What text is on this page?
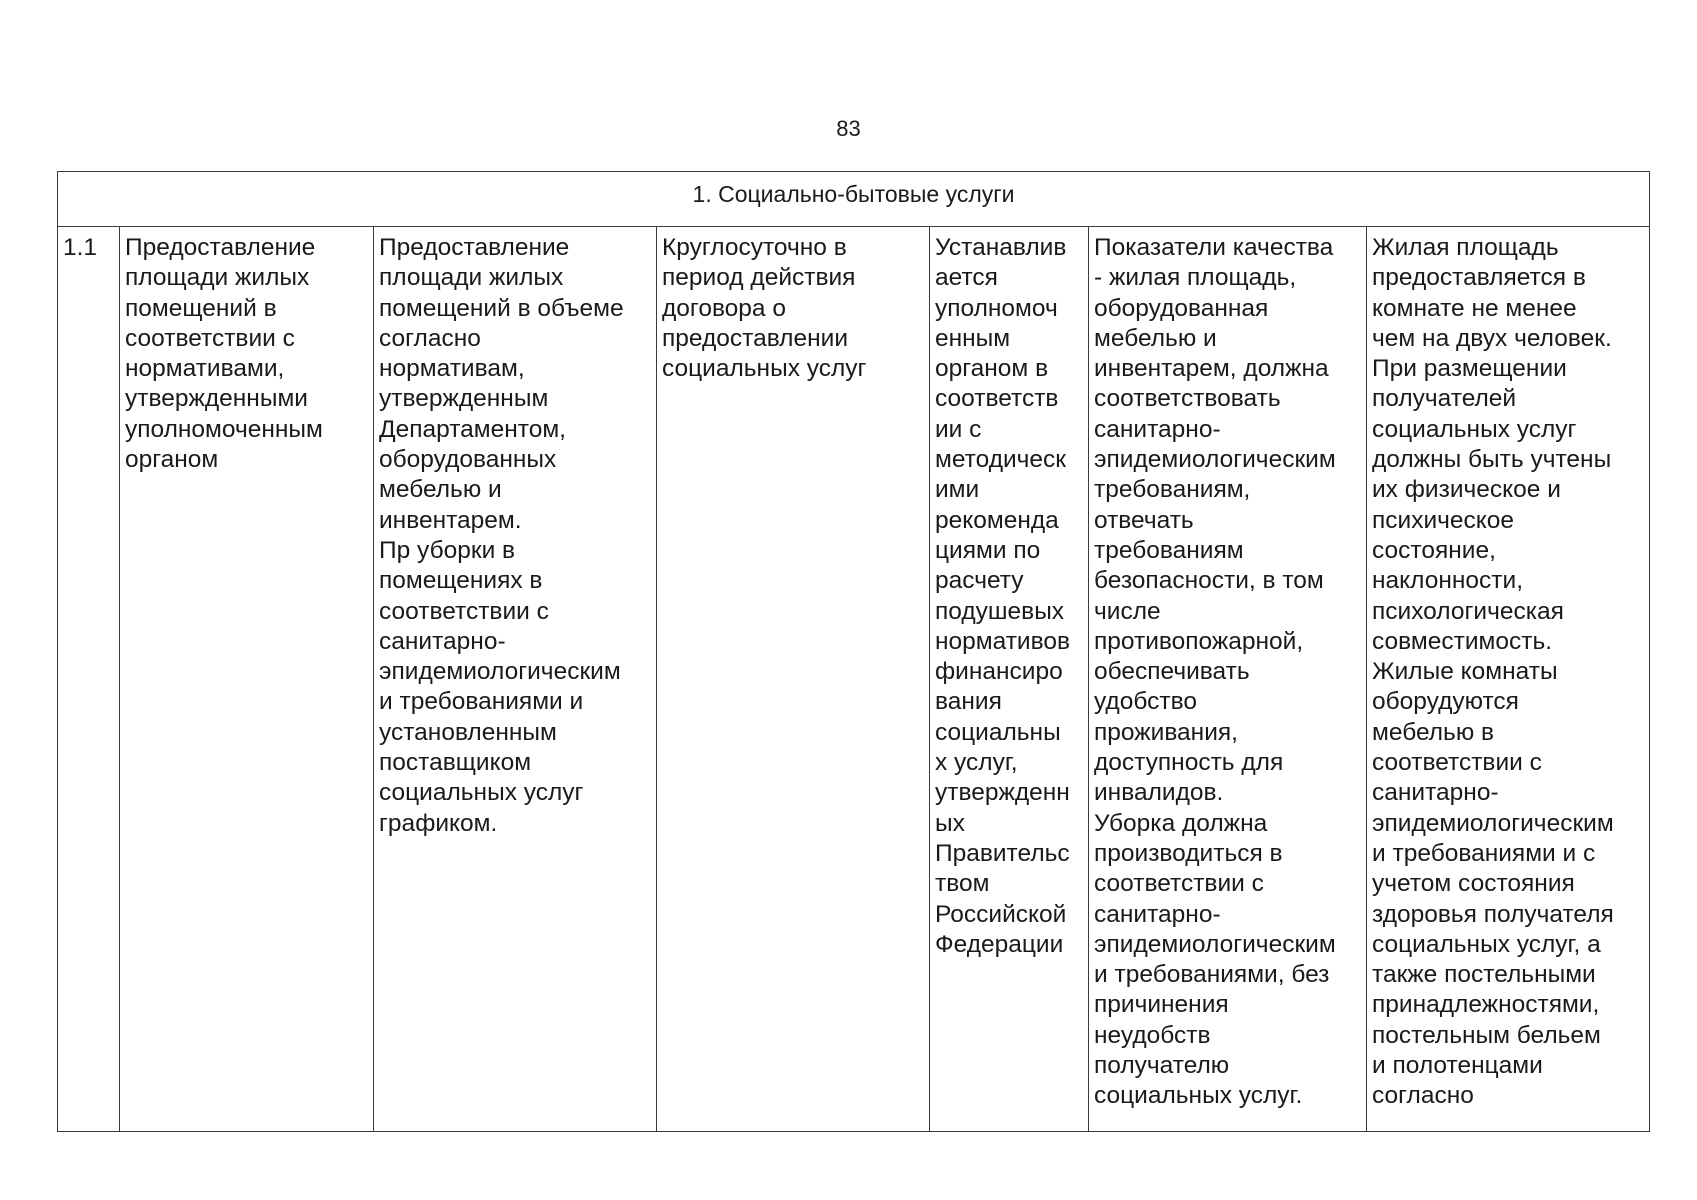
83
1. Социально-бытовые услуги
1.1	Предоставление
площади жилых
помещений в
соответствии с
нормативами,
утвержденными
уполномоченным
органом	Предоставление
площади жилых
помещений в объеме
согласно
нормативам,
утвержденным
Департаментом,
оборудованных
мебелью и
инвентарем.
Пр уборки в
помещениях в
соответствии с
санитарно-
эпидемиологическим
и требованиями и
установленным
поставщиком
социальных услуг
графиком.	Круглосуточно в
период действия
договора о
предоставлении
социальных услуг	Устанавлив
ается
уполномоч
енным
органом в
соответств
ии с
методическ
ими
рекоменда
циями по
расчету
подушевых
нормативов
финансиро
вания
социальны
х услуг,
утвержденн
ых
Правительс
твом
Российской
Федерации	Показатели качества
- жилая площадь,
оборудованная
мебелью и
инвентарем, должна
соответствовать
санитарно-
эпидемиологическим
требованиям,
отвечать
требованиям
безопасности, в том
числе
противопожарной,
обеспечивать
удобство
проживания,
доступность для
инвалидов.
Уборка должна
производиться в
соответствии с
санитарно-
эпидемиологическим
и требованиями, без
причинения
неудобств
получателю
социальных услуг.	Жилая площадь
предоставляется в
комнате не менее
чем на двух человек.
При размещении
получателей
социальных услуг
должны быть учтены
их физическое и
психическое
состояние,
наклонности,
психологическая
совместимость.
Жилые комнаты
оборудуются
мебелью в
соответствии с
санитарно-
эпидемиологическим
и требованиями и с
учетом состояния
здоровья получателя
социальных услуг, а
также постельными
принадлежностями,
постельным бельем
и полотенцами
согласно
